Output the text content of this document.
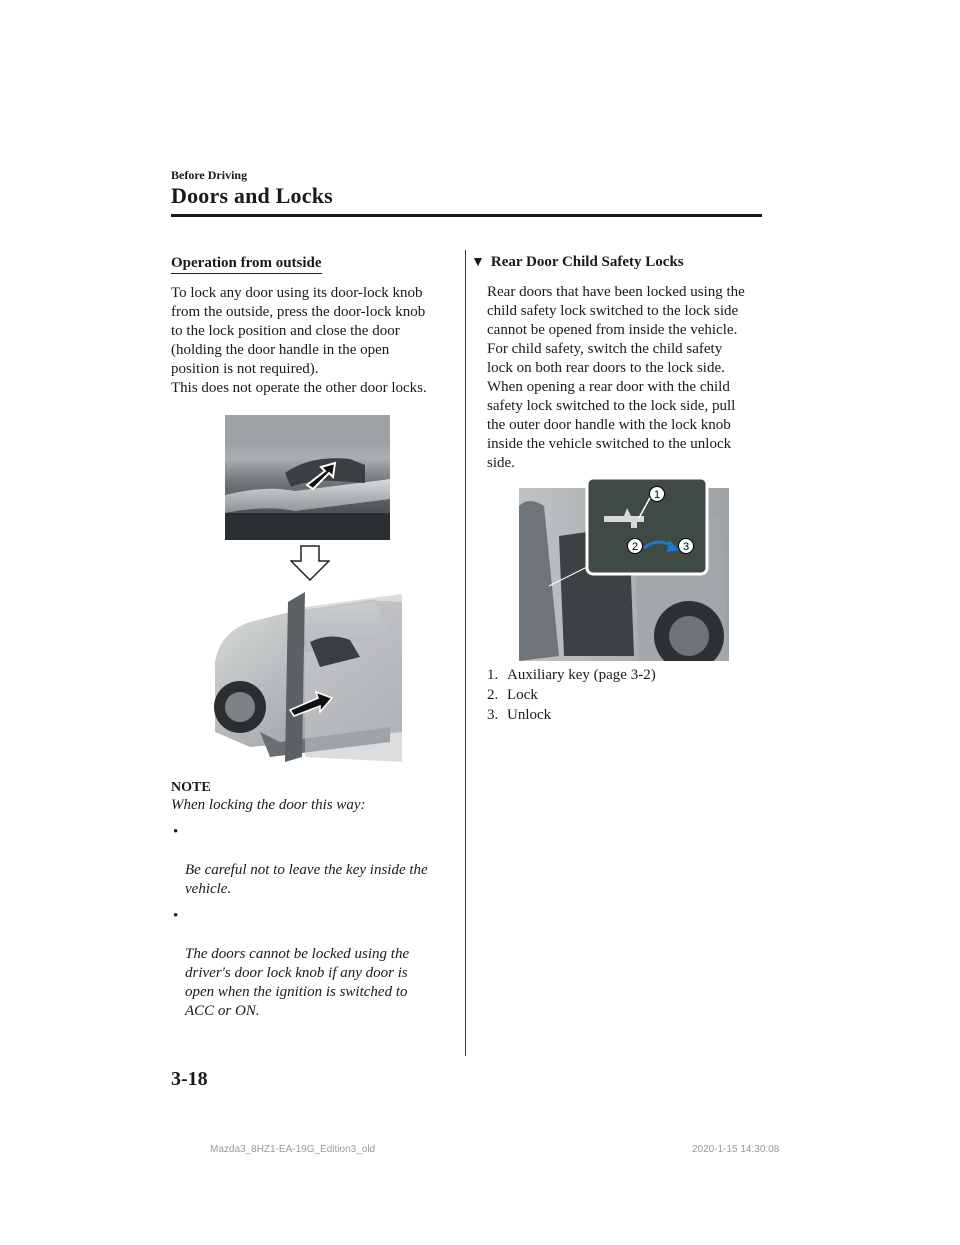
Before Driving
Doors and Locks
Operation from outside

To lock any door using its door-lock knob
from the outside, press the door-lock knob
to the lock position and close the door
(holding the door handle in the open
position is not required).
This does not operate the other door locks.

NOTE
When locking the door this way:

•

Be careful not to leave the key inside the
vehicle.

•

The doors cannot be locked using the
driver's door lock knob if any door is
open when the ignition is switched to
ACC or ON.

▼ Rear Door Child Safety Locks

Rear doors that have been locked using the
child safety lock switched to the lock side
cannot be opened from inside the vehicle.
For child safety, switch the child safety
lock on both rear doors to the lock side.
When opening a rear door with the child
safety lock switched to the lock side, pull
the outer door handle with the lock knob
inside the vehicle switched to the unlock
side.

1
2	3
1. Auxiliary key (page 3-2)
2. Lock
3. Unlock
3-18
Mazda3_8HZ1-EA-19G_Edition3_old	2020-1-15 14:30:08
